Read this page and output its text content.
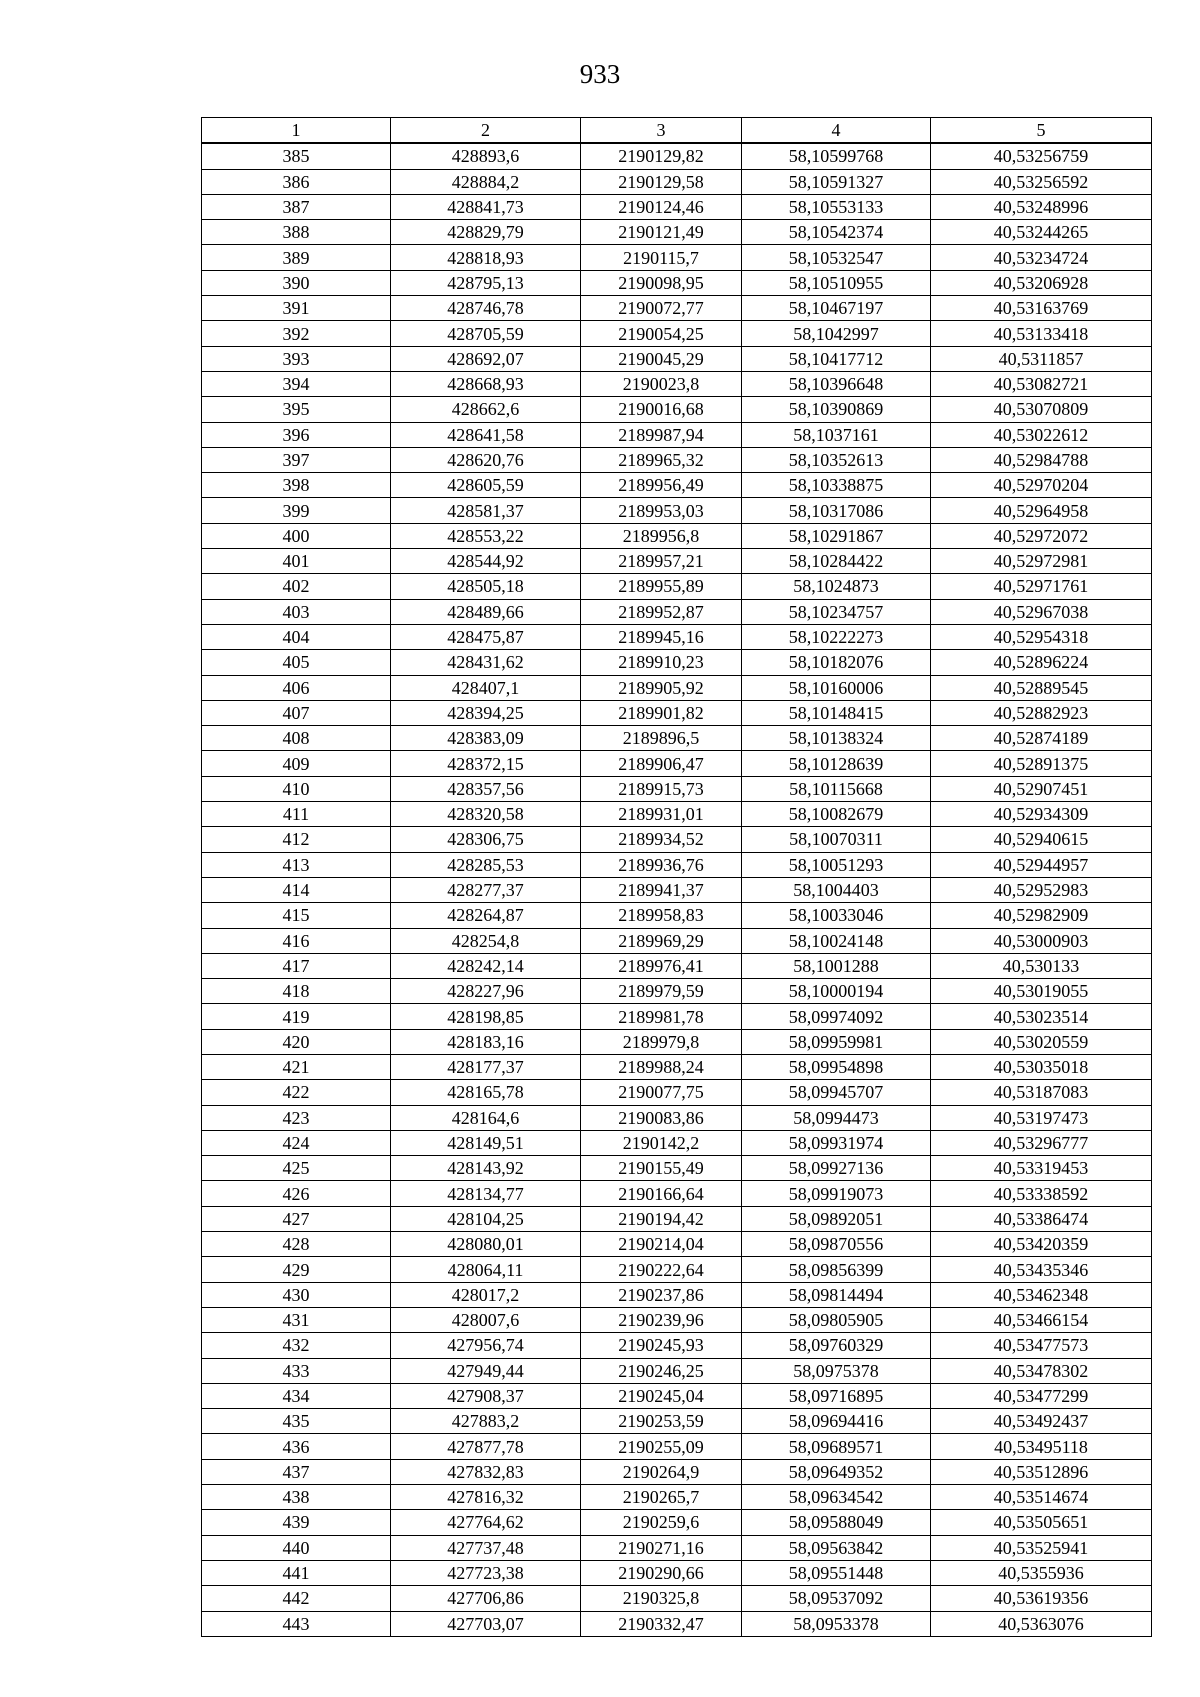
933
1	2	3	4	5
385	428893,6	2190129,82	58,10599768	40,53256759
386	428884,2	2190129,58	58,10591327	40,53256592
387	428841,73	2190124,46	58,10553133	40,53248996
388	428829,79	2190121,49	58,10542374	40,53244265
389	428818,93	2190115,7	58,10532547	40,53234724
390	428795,13	2190098,95	58,10510955	40,53206928
391	428746,78	2190072,77	58,10467197	40,53163769
392	428705,59	2190054,25	58,1042997	40,53133418
393	428692,07	2190045,29	58,10417712	40,5311857
394	428668,93	2190023,8	58,10396648	40,53082721
395	428662,6	2190016,68	58,10390869	40,53070809
396	428641,58	2189987,94	58,1037161	40,53022612
397	428620,76	2189965,32	58,10352613	40,52984788
398	428605,59	2189956,49	58,10338875	40,52970204
399	428581,37	2189953,03	58,10317086	40,52964958
400	428553,22	2189956,8	58,10291867	40,52972072
401	428544,92	2189957,21	58,10284422	40,52972981
402	428505,18	2189955,89	58,1024873	40,52971761
403	428489,66	2189952,87	58,10234757	40,52967038
404	428475,87	2189945,16	58,10222273	40,52954318
405	428431,62	2189910,23	58,10182076	40,52896224
406	428407,1	2189905,92	58,10160006	40,52889545
407	428394,25	2189901,82	58,10148415	40,52882923
408	428383,09	2189896,5	58,10138324	40,52874189
409	428372,15	2189906,47	58,10128639	40,52891375
410	428357,56	2189915,73	58,10115668	40,52907451
411	428320,58	2189931,01	58,10082679	40,52934309
412	428306,75	2189934,52	58,10070311	40,52940615
413	428285,53	2189936,76	58,10051293	40,52944957
414	428277,37	2189941,37	58,1004403	40,52952983
415	428264,87	2189958,83	58,10033046	40,52982909
416	428254,8	2189969,29	58,10024148	40,53000903
417	428242,14	2189976,41	58,1001288	40,530133
418	428227,96	2189979,59	58,10000194	40,53019055
419	428198,85	2189981,78	58,09974092	40,53023514
420	428183,16	2189979,8	58,09959981	40,53020559
421	428177,37	2189988,24	58,09954898	40,53035018
422	428165,78	2190077,75	58,09945707	40,53187083
423	428164,6	2190083,86	58,0994473	40,53197473
424	428149,51	2190142,2	58,09931974	40,53296777
425	428143,92	2190155,49	58,09927136	40,53319453
426	428134,77	2190166,64	58,09919073	40,53338592
427	428104,25	2190194,42	58,09892051	40,53386474
428	428080,01	2190214,04	58,09870556	40,53420359
429	428064,11	2190222,64	58,09856399	40,53435346
430	428017,2	2190237,86	58,09814494	40,53462348
431	428007,6	2190239,96	58,09805905	40,53466154
432	427956,74	2190245,93	58,09760329	40,53477573
433	427949,44	2190246,25	58,0975378	40,53478302
434	427908,37	2190245,04	58,09716895	40,53477299
435	427883,2	2190253,59	58,09694416	40,53492437
436	427877,78	2190255,09	58,09689571	40,53495118
437	427832,83	2190264,9	58,09649352	40,53512896
438	427816,32	2190265,7	58,09634542	40,53514674
439	427764,62	2190259,6	58,09588049	40,53505651
440	427737,48	2190271,16	58,09563842	40,53525941
441	427723,38	2190290,66	58,09551448	40,5355936
442	427706,86	2190325,8	58,09537092	40,53619356
443	427703,07	2190332,47	58,0953378	40,5363076
